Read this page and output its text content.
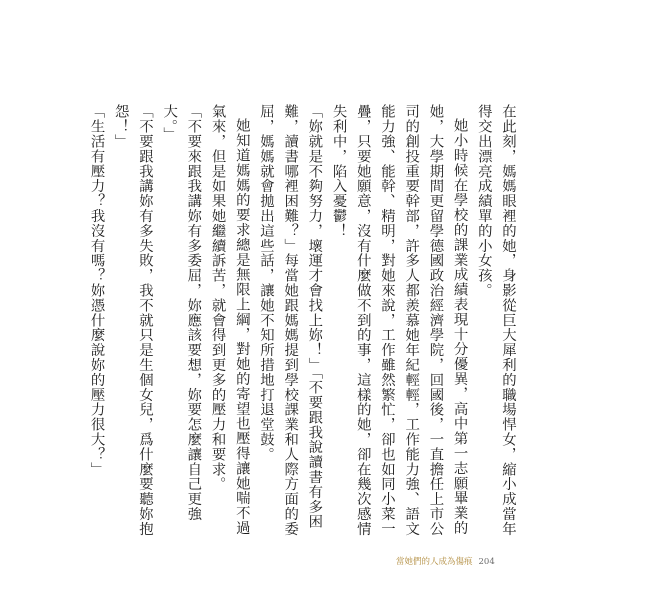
在此刻，媽媽眼裡的她，身影從巨大犀利的職場悍女，縮小成當年得交出漂亮成績單的小女孩。

她小時候在學校的課業成績表現十分優異，高中第一志願畢業的她，大學期間更留學德國政治經濟學院，回國後，一直擔任上市公司的創投重要幹部，許多人都羨慕她年紀輕輕，工作能力強、語文能力強、能幹、精明，對她來說，工作雖然繁忙，卻也如同小菜一疊，只要她願意，沒有什麼做不到的事，這樣的她，卻在幾次感情失利中，陷入憂鬱！

「妳就是不夠努力，壞運才會找上妳！」「不要跟我說讀書有多困難，讀書哪裡困難？」每當她跟媽媽提到學校課業和人際方面的委屈，媽媽就會拋出這些話，讓她不知所措地打退堂鼓。

她知道媽媽的要求總是無限上綱，對她的寄望也壓得讓她喘不過氣來，但是如果她繼續訴苦，就會得到更多的壓力和要求。

「不要來跟我講妳有多委屈，妳應該要想，妳要怎麼讓自己更強大。」

「不要跟我講妳有多失敗，我不就只是生個女兒，爲什麼要聽妳抱怨！」

「生活有壓力？我沒有嗎？妳憑什麼說妳的壓力很大？」

當她們的人成為傷痕 204
